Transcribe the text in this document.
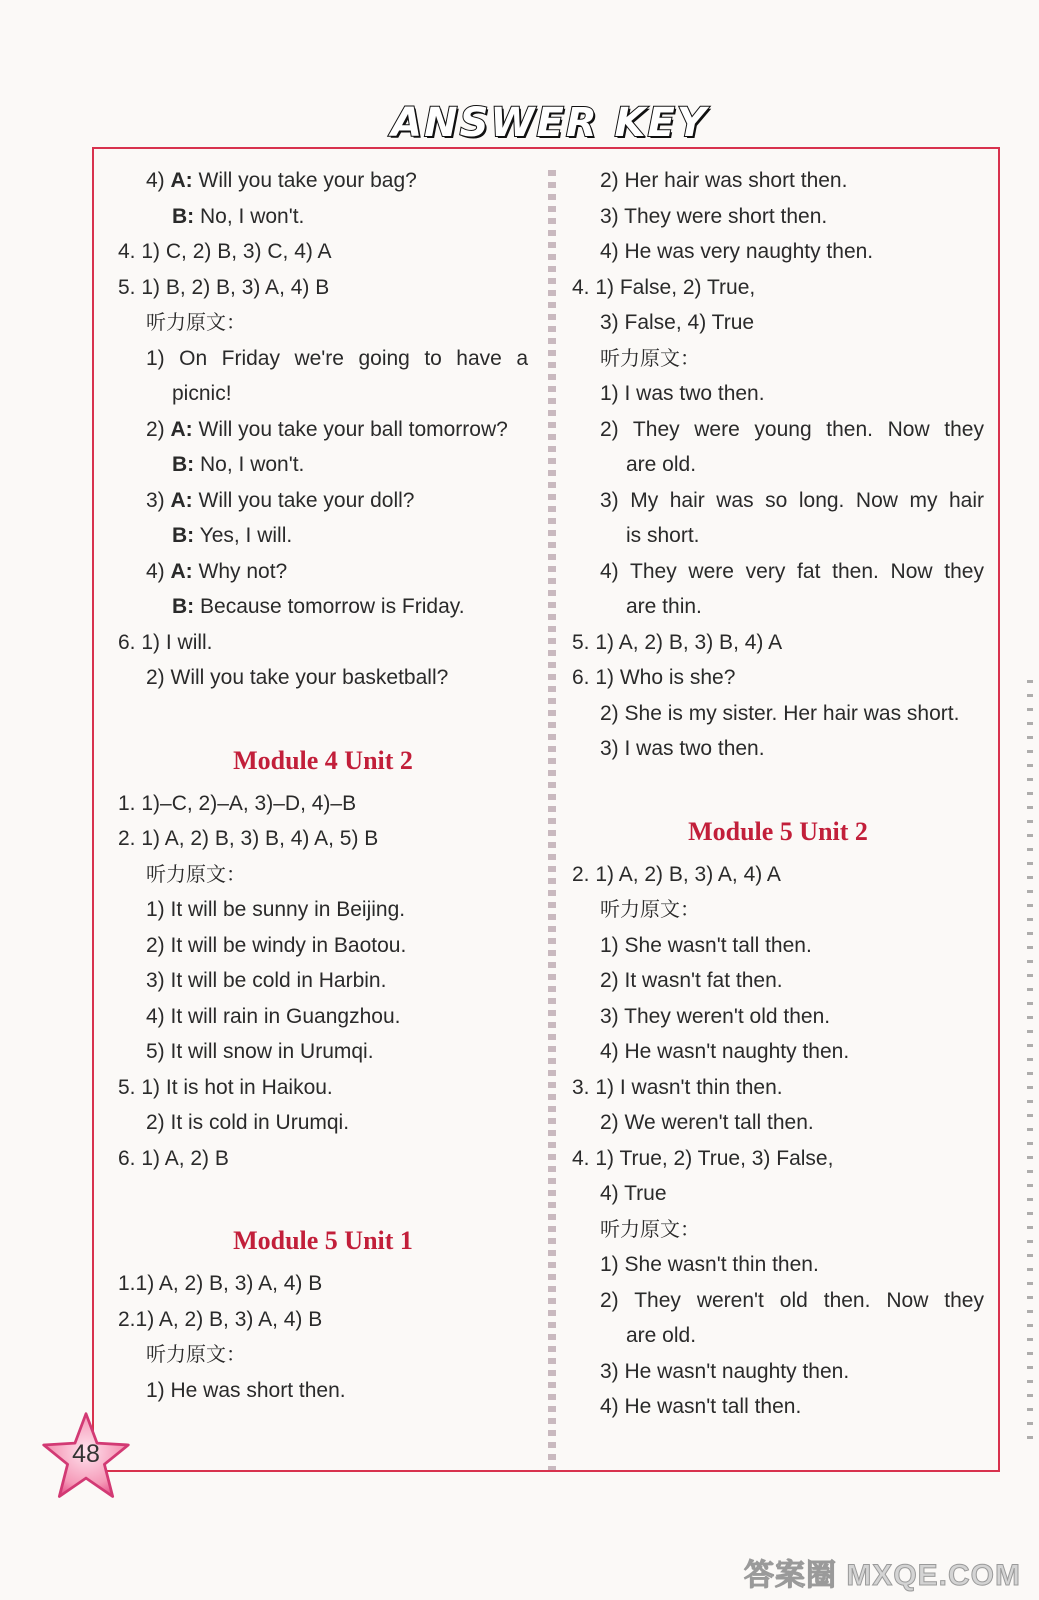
ANSWER KEY
4) A: Will you take your bag?
B: No, I won't.
4. 1) C, 2) B, 3) C, 4) A
5. 1) B, 2) B, 3) A, 4) B
听力原文：
1) On Friday we're going to have a
picnic!
2) A: Will you take your ball tomorrow?
B: No, I won't.
3) A: Will you take your doll?
B: Yes, I will.
4) A: Why not?
B: Because tomorrow is Friday.
6. 1) I will.
2) Will you take your basketball?
Module 4 Unit 2
1. 1)–C, 2)–A, 3)–D, 4)–B
2. 1) A, 2) B, 3) B, 4) A, 5) B
听力原文：
1) It will be sunny in Beijing.
2) It will be windy in Baotou.
3) It will be cold in Harbin.
4) It will rain in Guangzhou.
5) It will snow in Urumqi.
5. 1) It is hot in Haikou.
2) It is cold in Urumqi.
6. 1) A, 2) B
Module 5 Unit 1
1.1) A, 2) B, 3) A, 4) B
2.1) A, 2) B, 3) A, 4) B
听力原文：
1) He was short then.
2) Her hair was short then.
3) They were short then.
4) He was very naughty then.
4. 1) False, 2) True,
3) False, 4) True
听力原文：
1) I was two then.
2) They were young then. Now they
are old.
3) My hair was so long. Now my hair
is short.
4) They were very fat then. Now they
are thin.
5. 1) A, 2) B, 3) B, 4) A
6. 1) Who is she?
2) She is my sister. Her hair was short.
3) I was two then.
Module 5 Unit 2
2. 1) A, 2) B, 3) A, 4) A
听力原文：
1) She wasn't tall then.
2) It wasn't fat then.
3) They weren't old then.
4) He wasn't naughty then.
3. 1) I wasn't thin then.
2) We weren't tall then.
4. 1) True, 2) True, 3) False,
4) True
听力原文：
1) She wasn't thin then.
2) They weren't old then. Now they
are old.
3) He wasn't naughty then.
4) He wasn't tall then.
48
答案圈 MXQE.COM
